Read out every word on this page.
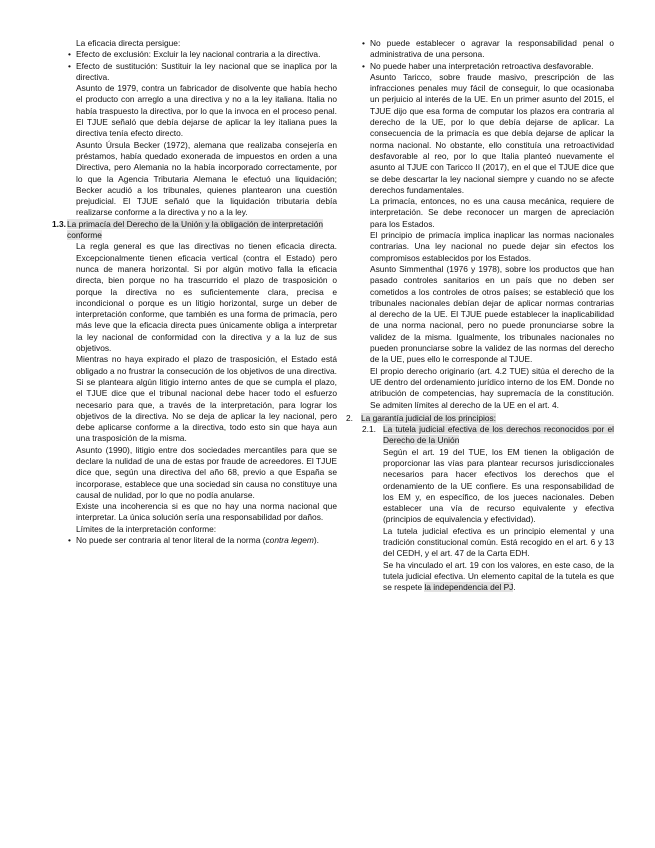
La eficacia directa persigue:

• Efecto de exclusión: Excluir la ley nacional contraria a la directiva.
• Efecto de sustitución: Sustituir la ley nacional que se inaplica por la directiva.

Asunto de 1979, contra un fabricador de disolvente que había hecho el producto con arreglo a una directiva y no a la ley italiana. Italia no había traspuesto la directiva, por lo que la invoca en el proceso penal. El TJUE señaló que debía dejarse de aplicar la ley italiana pues la directiva tenía efecto directo.

Asunto Úrsula Becker (1972), alemana que realizaba consejería en préstamos, había quedado exonerada de impuestos en orden a una Directiva, pero Alemania no la había incorporado correctamente, por lo que la Agencia Tributaria Alemana le efectuó una liquidación; Becker acudió a los tribunales, quienes plantearon una cuestión prejudicial. El TJUE señaló que la liquidación tributaria debía realizarse conforme a la directiva y no a la ley.

1.3. La primacía del Derecho de la Unión y la obligación de interpretación conforme

La regla general es que las directivas no tienen eficacia directa. Excepcionalmente tienen eficacia vertical (contra el Estado) pero nunca de manera horizontal. Si por algún motivo falla la eficacia directa, bien porque no ha trascurrido el plazo de trasposición o porque la directiva no es suficientemente clara, precisa e incondicional o porque es un litigio horizontal, surge un deber de interpretación conforme, que también es una forma de primacía, pero más leve que la eficacia directa pues únicamente obliga a interpretar la ley nacional de conformidad con la directiva y a la luz de sus objetivos.

Mientras no haya expirado el plazo de trasposición, el Estado está obligado a no frustrar la consecución de los objetivos de una directiva. Si se planteara algún litigio interno antes de que se cumpla el plazo, el TJUE dice que el tribunal nacional debe hacer todo el esfuerzo necesario para que, a través de la interpretación, para lograr los objetivos de la directiva. No se deja de aplicar la ley nacional, pero debe aplicarse conforme a la directiva, todo esto sin que haya aun una trasposición de la misma.

Asunto (1990), litigio entre dos sociedades mercantiles para que se declare la nulidad de una de estas por fraude de acreedores. El TJUE dice que, según una directiva del año 68, previo a que España se incorporase, establece que una sociedad sin causa no constituye una causal de nulidad, por lo que no podía anularse.

Existe una incoherencia si es que no hay una norma nacional que interpretar. La única solución sería una responsabilidad por daños.

Límites de la interpretación conforme:

• No puede ser contraria al tenor literal de la norma (contra legem).
• No puede establecer o agravar la responsabilidad penal o administrativa de una persona.
• No puede haber una interpretación retroactiva desfavorable.

Asunto Taricco, sobre fraude masivo, prescripción de las infracciones penales muy fácil de conseguir, lo que ocasionaba un perjuicio al interés de la UE. En un primer asunto del 2015, el TJUE dijo que esa forma de computar los plazos era contraria al derecho de la UE, por lo que debía dejarse de aplicar. La consecuencia de la primacía es que debía dejarse de aplicar la norma nacional. No obstante, ello constituía una retroactividad desfavorable al reo, por lo que Italia planteó nuevamente el asunto al TJUE con Taricco II (2017), en el que el TJUE dice que se debe descartar la ley nacional siempre y cuando no se afecte derechos fundamentales.

La primacía, entonces, no es una causa mecánica, requiere de interpretación. Se debe reconocer un margen de apreciación para los Estados.

El principio de primacía implica inaplicar las normas nacionales contrarias. Una ley nacional no puede dejar sin efectos los compromisos establecidos por los Estados.

Asunto Simmenthal (1976 y 1978), sobre los productos que han pasado controles sanitarios en un país que no deben ser cometidos a los controles de otros países; se estableció que los tribunales nacionales debían dejar de aplicar normas contrarias al derecho de la UE. El TJUE puede establecer la inaplicabilidad de una norma nacional, pero no puede pronunciarse sobre la validez de la misma. Igualmente, los tribunales nacionales no pueden pronunciarse sobre la validez de las normas del derecho de la UE, pues ello le corresponde al TJUE.

El propio derecho originario (art. 4.2 TUE) sitúa el derecho de la UE dentro del ordenamiento jurídico interno de los EM. Donde no atribución de competencias, hay supremacía de la constitución. Se admiten límites al derecho de la UE en el art. 4.

2. La garantía judicial de los principios:
2.1. La tutela judicial efectiva de los derechos reconocidos por el Derecho de la Unión

Según el art. 19 del TUE, los EM tienen la obligación de proporcionar las vías para plantear recursos jurisdiccionales necesarios para hacer efectivos los derechos que el ordenamiento de la UE confiere. Es una responsabilidad de los EM y, en específico, de los jueces nacionales. Deben establecer una vía de recurso equivalente y efectiva (principios de equivalencia y efectividad).

La tutela judicial efectiva es un principio elemental y una tradición constitucional común. Está recogido en el art. 6 y 13 del CEDH, y el art. 47 de la Carta EDH.

Se ha vinculado el art. 19 con los valores, en este caso, de la tutela judicial efectiva. Un elemento capital de la tutela es que se respete la independencia del PJ.
